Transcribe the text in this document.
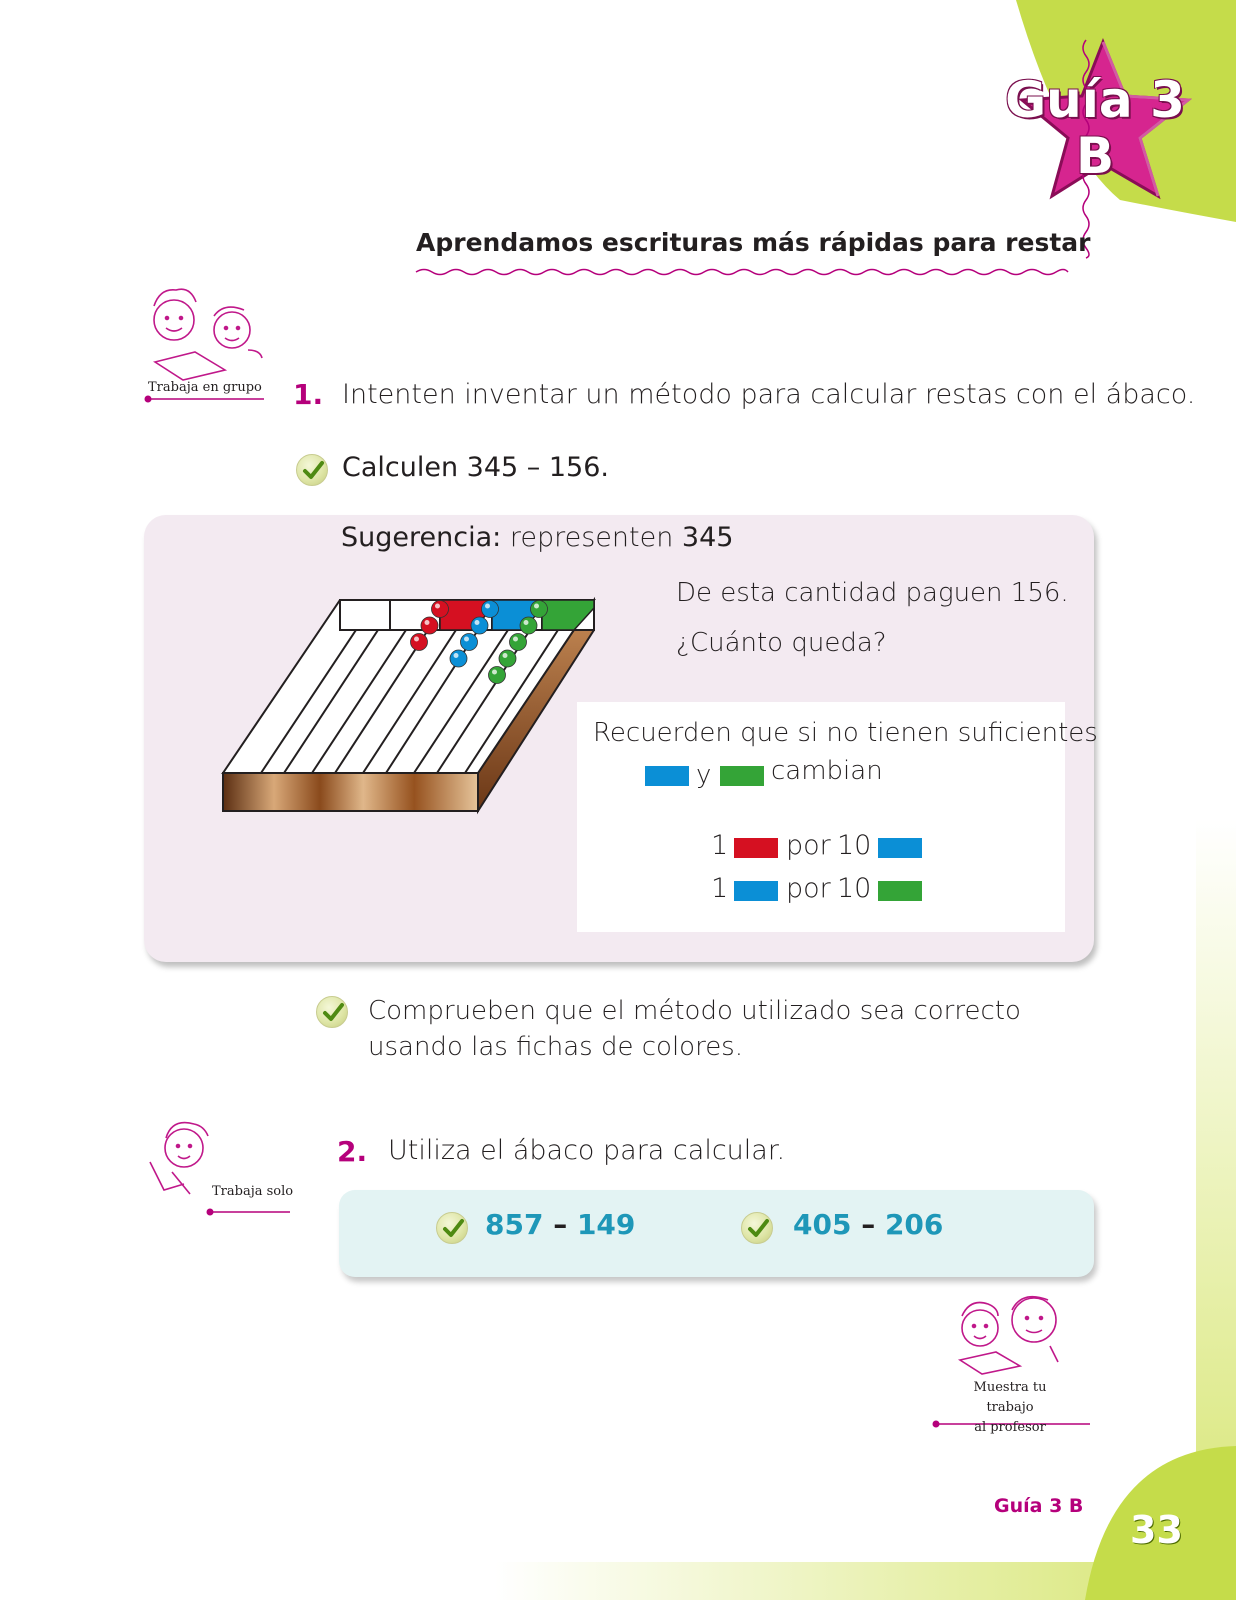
Guía 3
B
Aprendamos escrituras más rápidas para restar
Trabaja en grupo
Trabaja solo
Muestra tu trabajo
al profesor
1. Intenten inventar un método para calcular restas con el ábaco.
Calculen 345 – 156.
Sugerencia: representen 345
De esta cantidad paguen 156.
¿Cuánto queda?
Recuerden que si no tienen suficientes
y cambian
1 por 10
1 por 10
Comprueben que el método utilizado sea correcto
usando las fichas de colores.
2. Utiliza el ábaco para calcular.
857 – 149	405 – 206
Guía 3 B
33
